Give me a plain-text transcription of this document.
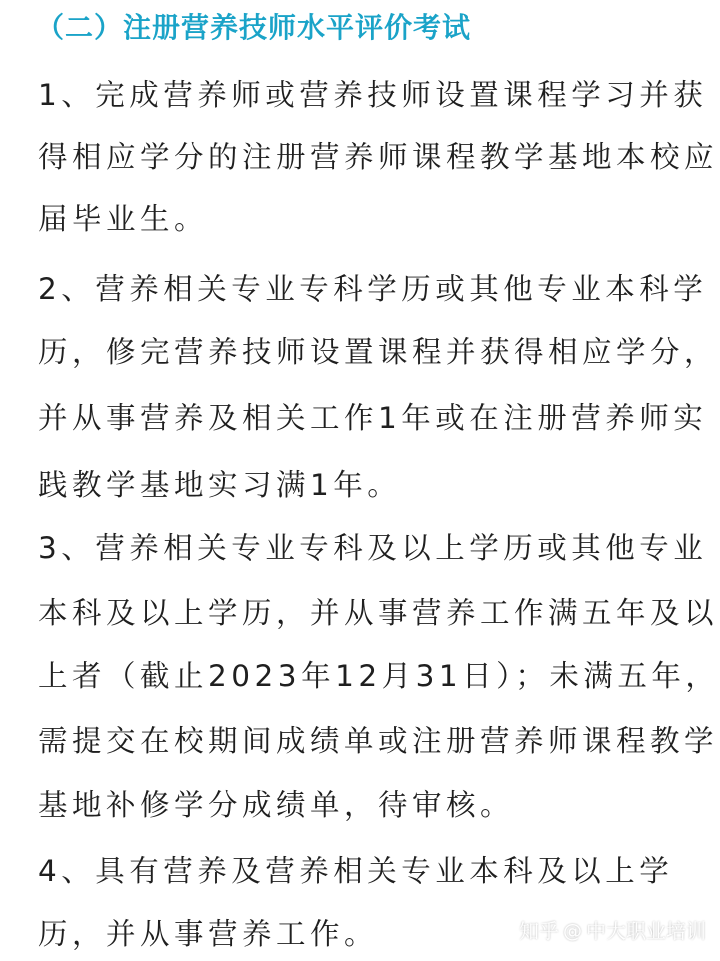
（二）注册营养技师水平评价考试
1、完成营养师或营养技师设置课程学习并获
得相应学分的注册营养师课程教学基地本校应
届毕业生。
2、营养相关专业专科学历或其他专业本科学
历，修完营养技师设置课程并获得相应学分，
并从事营养及相关工作1年或在注册营养师实
践教学基地实习满1年。
3、营养相关专业专科及以上学历或其他专业
本科及以上学历，并从事营养工作满五年及以
上者（截止2023年12月31日）；未满五年，
需提交在校期间成绩单或注册营养师课程教学
基地补修学分成绩单，待审核。
4、具有营养及营养相关专业本科及以上学
历，并从事营养工作。	知乎 @ 中大职业培训
